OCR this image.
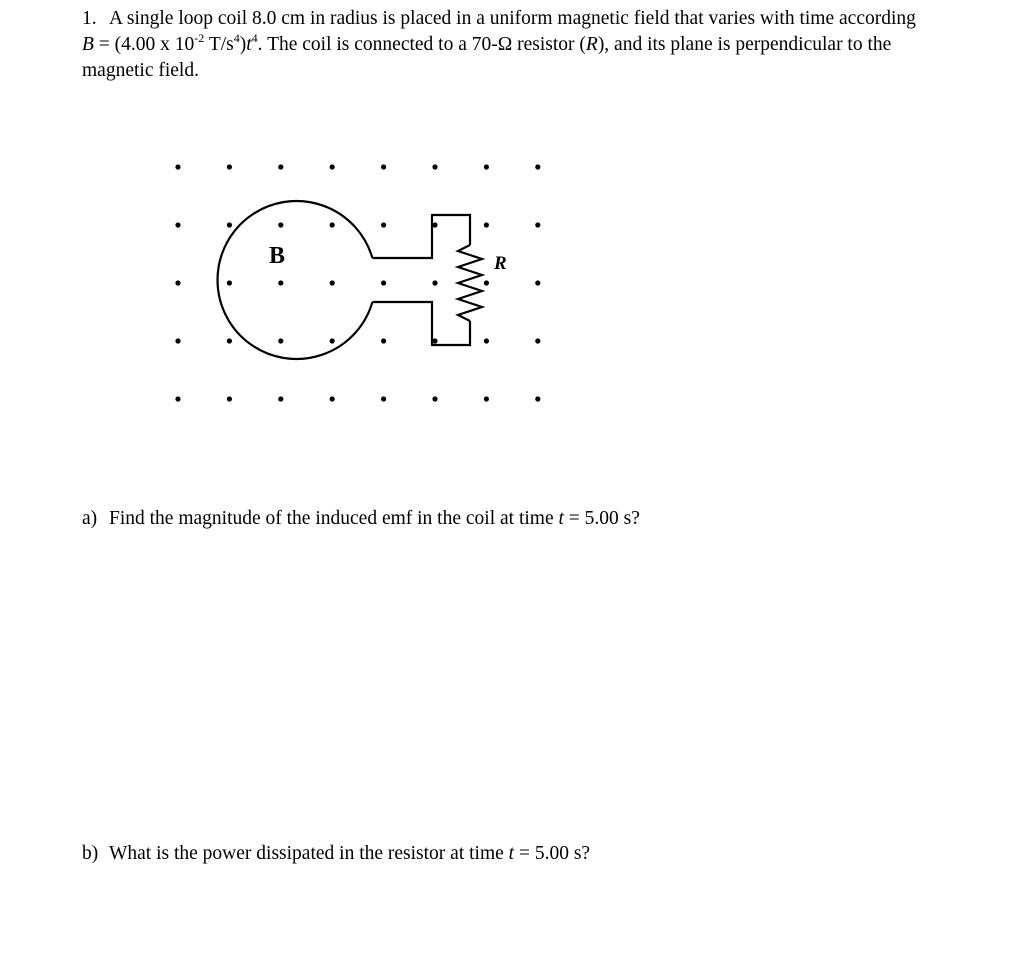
1. A single loop coil 8.0 cm in radius is placed in a uniform magnetic field that varies with time according
B = (4.00 x $10^{-2}$ $T/s^4)t^4$. The coil is connected to a 70-Ω resistor (R), and its plane is perpendicular to the
magnetic field.
B	R
a) Find the magnitude of the induced emf in the coil at time t = 5.00 s?
b) What is the power dissipated in the resistor at time t = 5.00 s?
